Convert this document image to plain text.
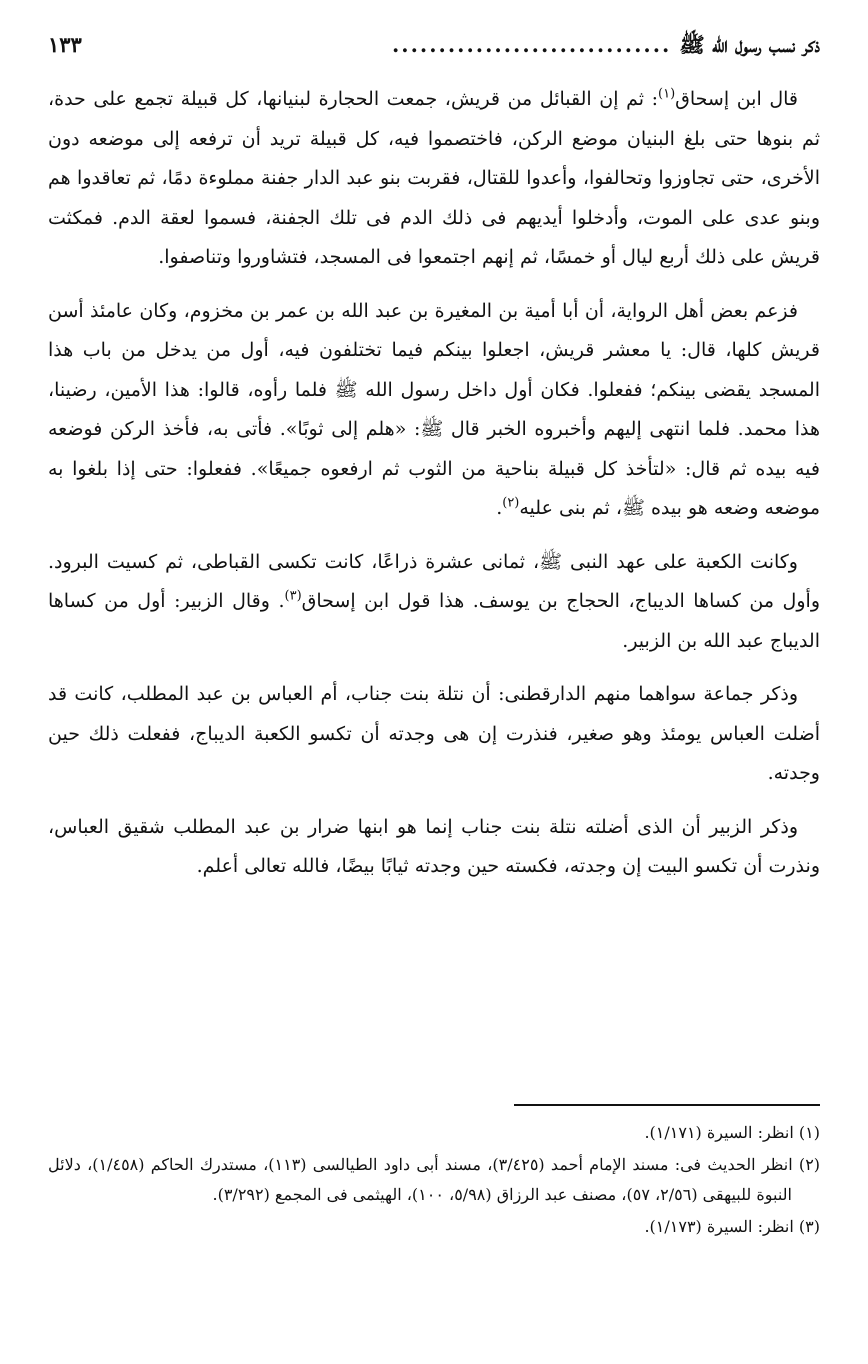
ذكر نسب رسول الله ﷺ
..............................
١٣٣

قال ابن إسحاق$^{(١)}$: ثم إن القبائل من قريش، جمعت الحجارة لبنيانها، كل قبيلة تجمع على حدة، ثم بنوها حتى بلغ البنيان موضع الركن، فاختصموا فيه، كل قبيلة تريد أن ترفعه إلى موضعه دون الأخرى، حتى تجاوزوا وتحالفوا، وأعدوا للقتال، فقربت بنو عبد الدار جفنة مملوءة دمًا، ثم تعاقدوا هم وبنو عدى على الموت، وأدخلوا أيديهم فى ذلك الدم فى تلك الجفنة، فسموا لعقة الدم. فمكثت قريش على ذلك أربع ليال أو خمسًا، ثم إنهم اجتمعوا فى المسجد، فتشاوروا وتناصفوا.

فزعم بعض أهل الرواية، أن أبا أمية بن المغيرة بن عبد الله بن عمر بن مخزوم، وكان عامئذ أسن قريش كلها، قال: يا معشر قريش، اجعلوا بينكم فيما تختلفون فيه، أول من يدخل من باب هذا المسجد يقضى بينكم؛ ففعلوا. فكان أول داخل رسول الله ﷺ فلما رأوه، قالوا: هذا الأمين، رضينا، هذا محمد. فلما انتهى إليهم وأخبروه الخبر قال ﷺ: «هلم إلى ثوبًا». فأتى به، فأخذ الركن فوضعه فيه بيده ثم قال: «لتأخذ كل قبيلة بناحية من الثوب ثم ارفعوه جميعًا». ففعلوا: حتى إذا بلغوا به موضعه وضعه هو بيده ﷺ، ثم بنى عليه$^{(٢)}$.

وكانت الكعبة على عهد النبى ﷺ، ثمانى عشرة ذراعًا، كانت تكسى القباطى، ثم كسيت البرود. وأول من كساها الديباج، الحجاج بن يوسف. هذا قول ابن إسحاق$^{(٣)}$. وقال الزبير: أول من كساها الديباج عبد الله بن الزبير.

وذكر جماعة سواهما منهم الدارقطنى: أن نتلة بنت جناب، أم العباس بن عبد المطلب، كانت قد أضلت العباس يومئذ وهو صغير، فنذرت إن هى وجدته أن تكسو الكعبة الديباج، ففعلت ذلك حين وجدته.

وذكر الزبير أن الذى أضلته نتلة بنت جناب إنما هو ابنها ضرار بن عبد المطلب شقيق العباس، ونذرت أن تكسو البيت إن وجدته، فكسته حين وجدته ثيابًا بيضًا، فالله تعالى أعلم.

(١) انظر: السيرة (١/١٧١).

(٢) انظر الحديث فى: مسند الإمام أحمد (٣/٤٢٥)، مسند أبى داود الطيالسى (١١٣)، مستدرك الحاكم (١/٤٥٨)، دلائل النبوة للبيهقى (٢/٥٦، ٥٧)، مصنف عبد الرزاق (٥/٩٨، ١٠٠)، الهيثمى فى المجمع (٣/٢٩٢).

(٣) انظر: السيرة (١/١٧٣).
